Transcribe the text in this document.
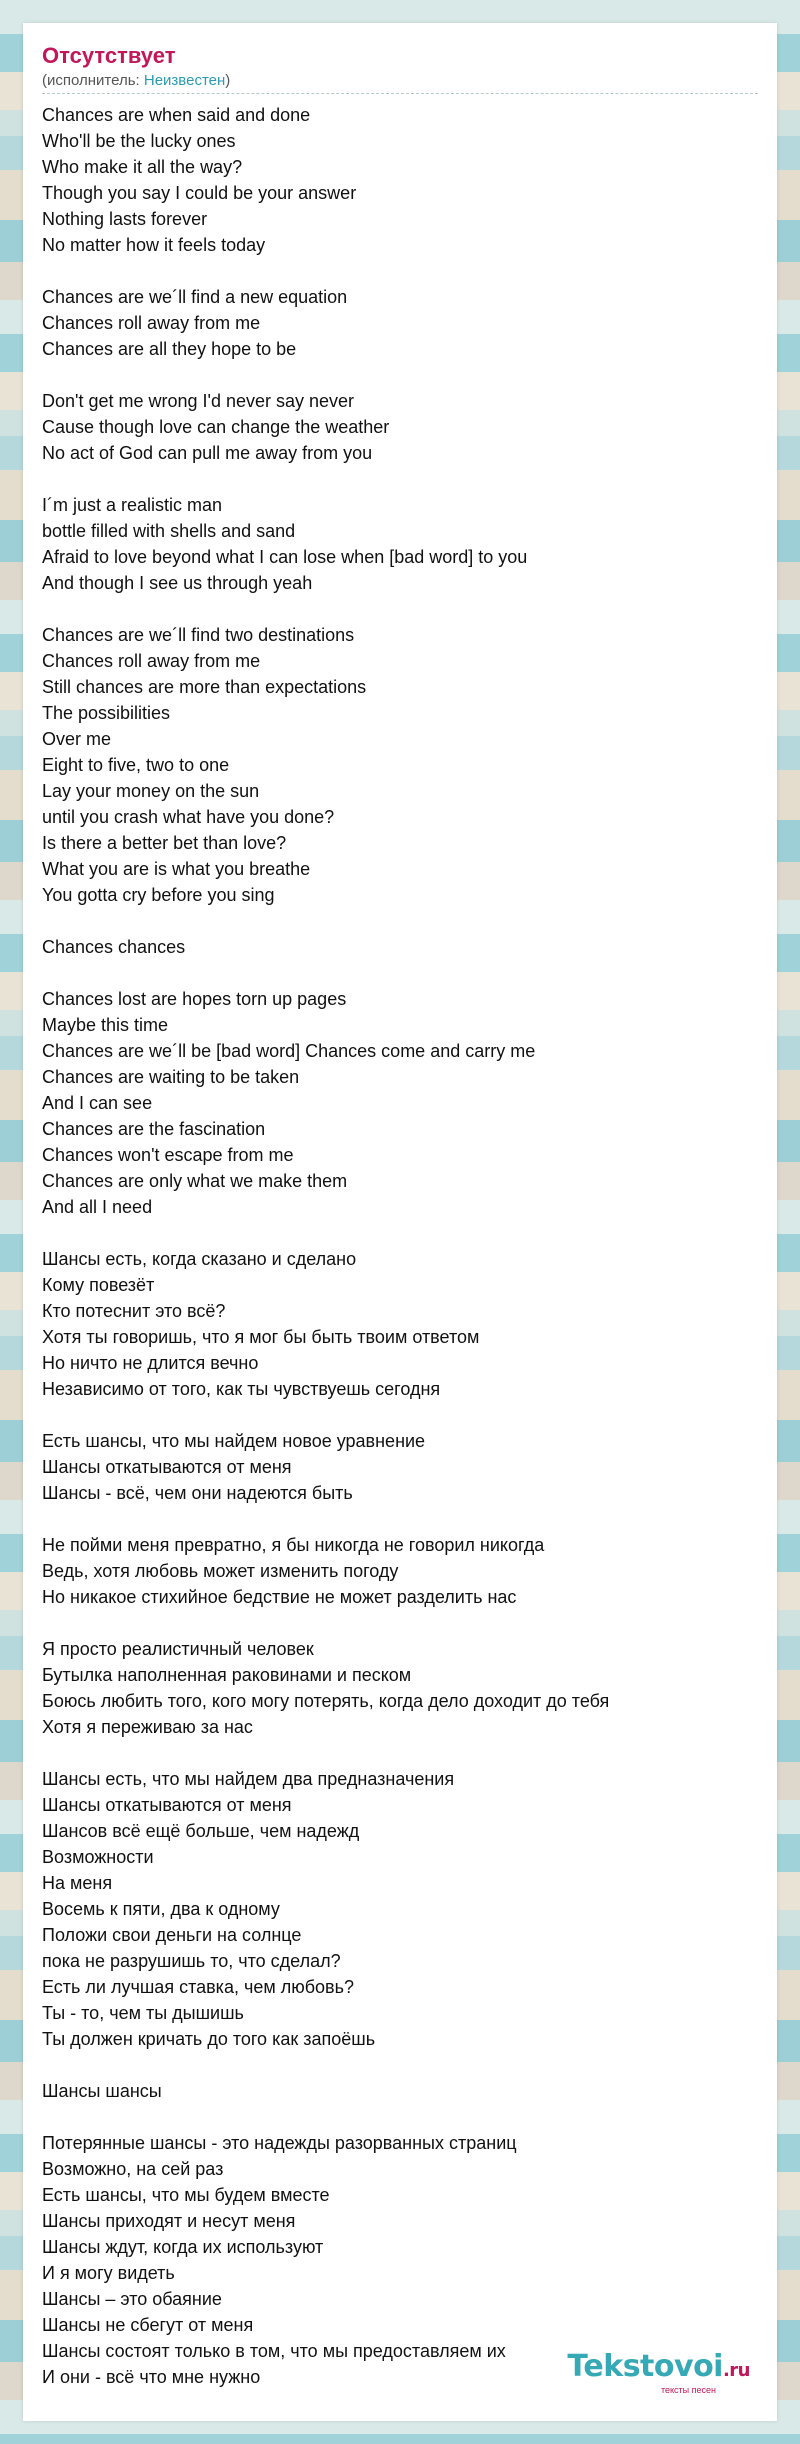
Отсутствует
(исполнитель: Неизвестен)
Chances are when said and done
Who'll be the lucky ones
Who make it all the way?
Though you say I could be your answer
Nothing lasts forever
No matter how it feels today
Chances are we´ll find a new equation
Chances roll away from me
Chances are all they hope to be
Don't get me wrong I'd never say never
Cause though love can change the weather
No act of God can pull me away from you
I´m just a realistic man
bottle filled with shells and sand
Afraid to love beyond what I can lose when [bad word] to you
And though I see us through yeah
Chances are we´ll find two destinations
Chances roll away from me
Still chances are more than expectations
The possibilities
Over me
Eight to five, two to one
Lay your money on the sun
until you crash what have you done?
Is there a better bet than love?
What you are is what you breathe
You gotta cry before you sing
Chances chances
Chances lost are hopes torn up pages
Maybe this time
Chances are we´ll be [bad word] Chances come and carry me
Chances are waiting to be taken
And I can see
Chances are the fascination
Chances won't escape from me
Chances are only what we make them
And all I need
Шансы есть, когда сказано и сделано
Кому повезёт
Кто потеснит это всё?
Хотя ты говоришь, что я мог бы быть твоим ответом
Но ничто не длится вечно
Независимо от того, как ты чувствуешь сегодня
Есть шансы, что мы найдем новое уравнение
Шансы откатываются от меня
Шансы - всё, чем они надеются быть
Не пойми меня превратно, я бы никогда не говорил никогда
Ведь, хотя любовь может изменить погоду
Но никакое стихийное бедствие не может разделить нас
Я просто реалистичный человек
Бутылка наполненная раковинами и песком
Боюсь любить того, кого могу потерять, когда дело доходит до тебя
Хотя я переживаю за нас
Шансы есть, что мы найдем два предназначения
Шансы откатываются от меня
Шансов всё ещё больше, чем надежд
Возможности
На меня
Восемь к пяти, два к одному
Положи свои деньги на солнце
пока не разрушишь то, что сделал?
Есть ли лучшая ставка, чем любовь?
Ты - то, чем ты дышишь
Ты должен кричать до того как запоёшь
Шансы шансы
Потерянные шансы - это надежды разорванных страниц
Возможно, на сей раз
Есть шансы, что мы будем вместе
Шансы приходят и несут меня
Шансы ждут, когда их используют
И я могу видеть
Шансы – это обаяние
Шансы не сбегут от меня
Шансы состоят только в том, что мы предоставляем их
И они - всё что мне нужно	Tekstovoi.ru
тексты песен
